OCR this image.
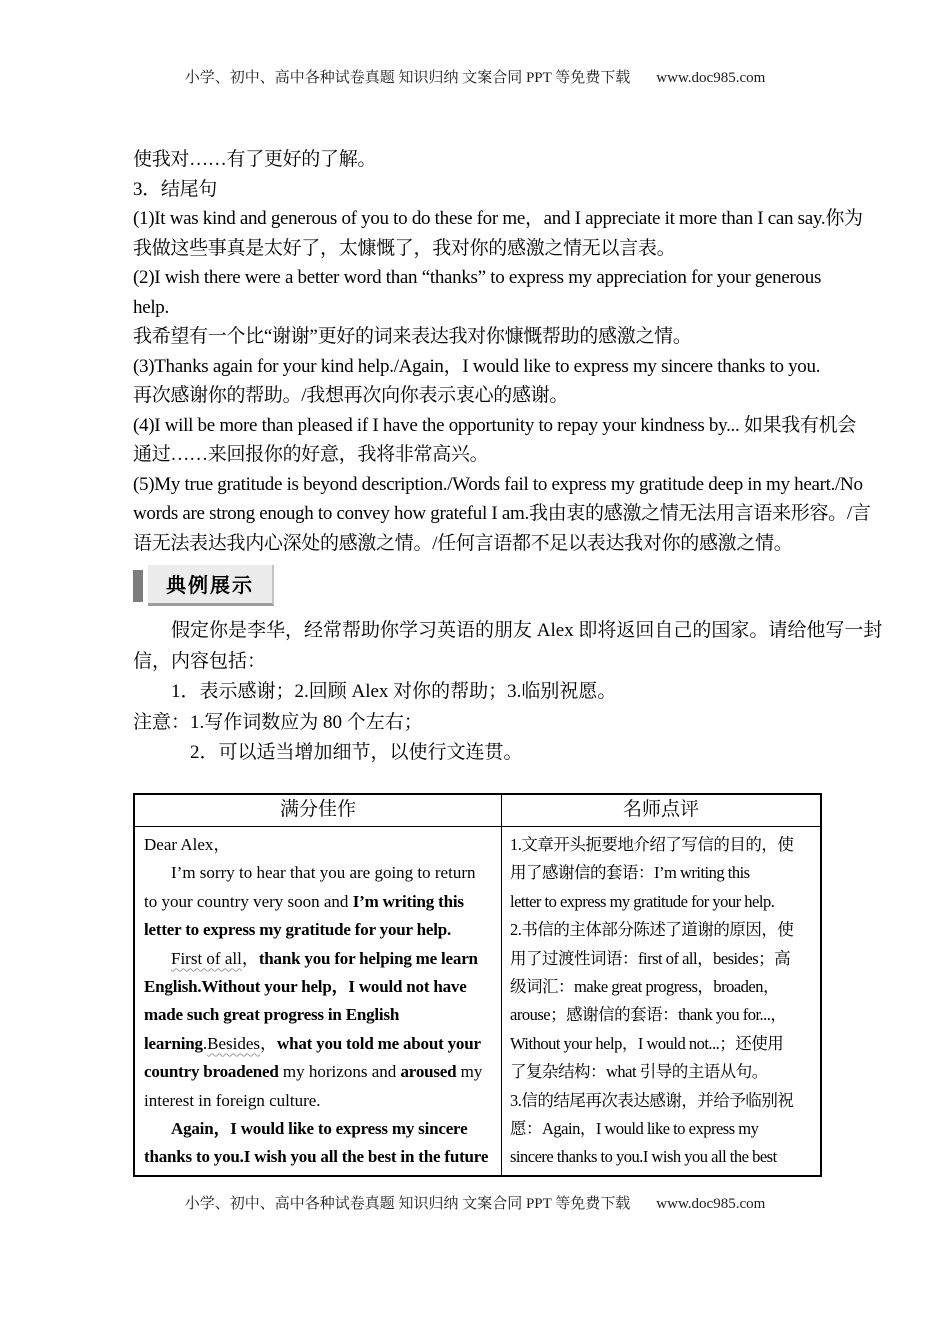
小学、初中、高中各种试卷真题 知识归纳 文案合同 PPT 等免费下载 www.doc985.com
使我对……有了更好的了解。
3．结尾句
(1)It was kind and generous of you to do these for me，and I appreciate it more than I can say.你为
我做这些事真是太好了，太慷慨了，我对你的感激之情无以言表。
(2)I wish there were a better word than “thanks” to express my appreciation for your generous
help.
我希望有一个比“谢谢”更好的词来表达我对你慷慨帮助的感激之情。
(3)Thanks again for your kind help./Again，I would like to express my sincere thanks to you.
再次感谢你的帮助。/我想再次向你表示衷心的感谢。
(4)I will be more than pleased if I have the opportunity to repay your kindness by... 如果我有机会
通过……来回报你的好意，我将非常高兴。
(5)My true gratitude is beyond description./Words fail to express my gratitude deep in my heart./No
words are strong enough to convey how grateful I am.我由衷的感激之情无法用言语来形容。/言
语无法表达我内心深处的感激之情。/任何言语都不足以表达我对你的感激之情。
典例展示
假定你是李华，经常帮助你学习英语的朋友 Alex 即将返回自己的国家。请给他写一封
信，内容包括：
1．表示感谢；2.回顾 Alex 对你的帮助；3.临别祝愿。
注意：1.写作词数应为 80 个左右；
2．可以适当增加细节，以使行文连贯。
满分佳作	名师点评
Dear Alex，
I’m sorry to hear that you are going to return
to your country very soon and I’m writing this
letter to express my gratitude for your help.
First of all，thank you for helping me learn
English.Without your help，I would not have
made such great progress in English
learning.Besides，what you told me about your
country broadened my horizons and aroused my
interest in foreign culture.
Again，I would like to express my sincere
thanks to you.I wish you all the best in the future
1.文章开头扼要地介绍了写信的目的，使
用了感谢信的套语：I’m writing this
letter to express my gratitude for your help.
2.书信的主体部分陈述了道谢的原因，使
用了过渡性词语：first of all，besides；高
级词汇：make great progress，broaden，
arouse；感谢信的套语：thank you for...，
Without your help，I would not...；还使用
了复杂结构：what 引导的主语从句。
3.信的结尾再次表达感谢，并给予临别祝
愿：Again，I would like to express my
sincere thanks to you.I wish you all the best
小学、初中、高中各种试卷真题 知识归纳 文案合同 PPT 等免费下载 www.doc985.com
